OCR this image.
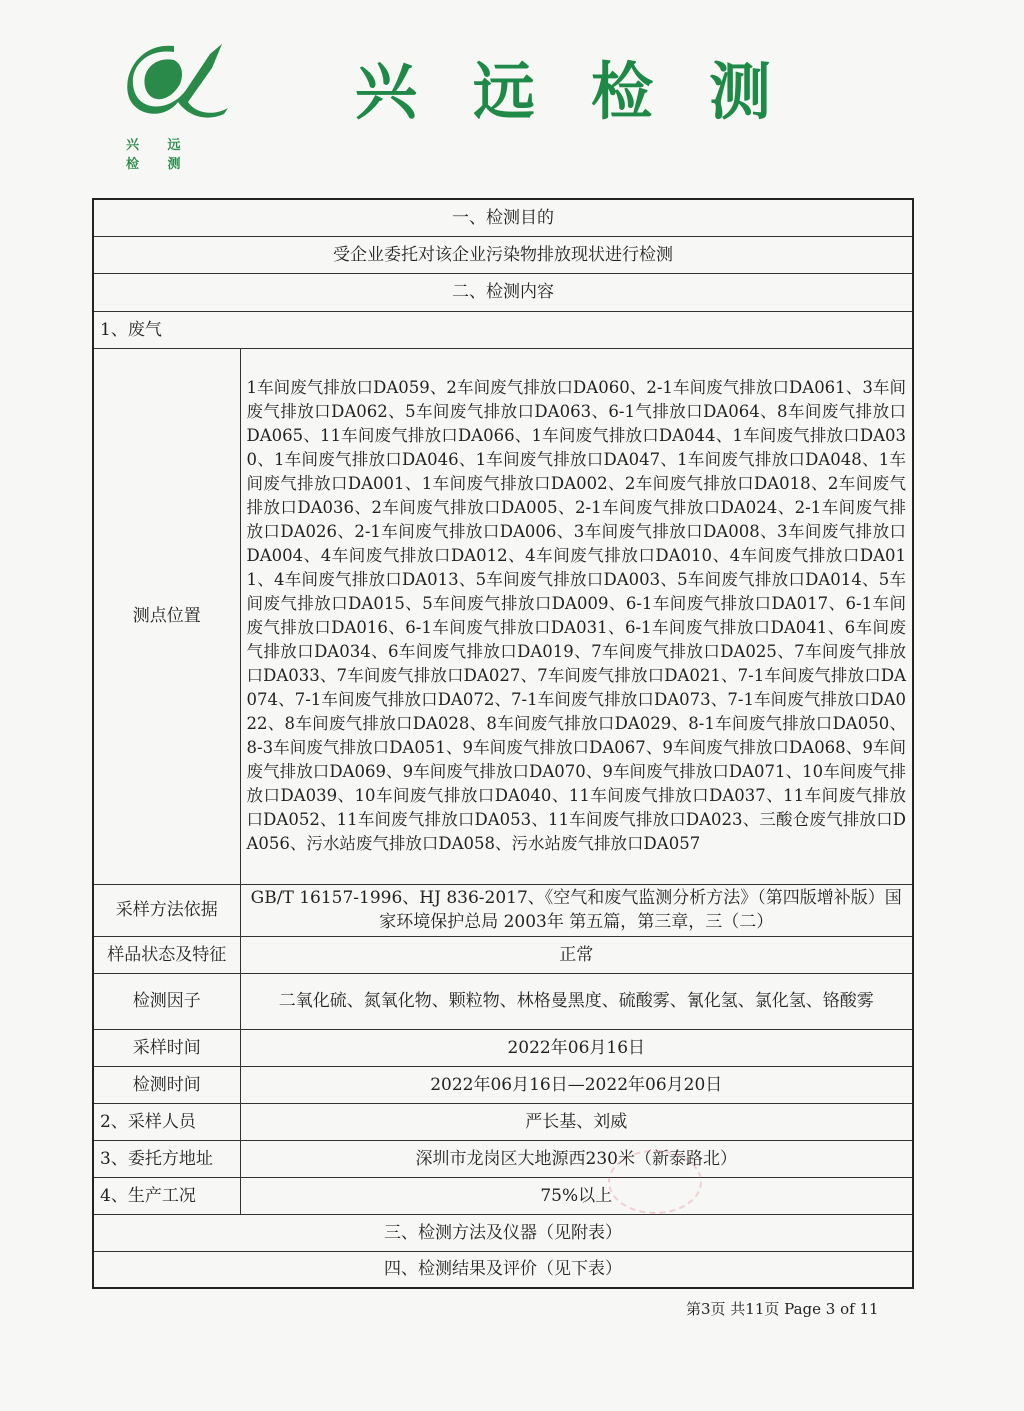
兴 远 检 测
兴远检测
一、检测目的	
受企业委托对该企业污染物排放现状进行检测	
二、检测内容	
1、废气	
测点位置	1车间废气排放口DA059、2车间废气排放口DA060、2-1车间废气排放口DA061、3车间废气排放口DA062、5车间废气排放口DA063、6-1气排放口DA064、8车间废气排放口DA065、11车间废气排放口DA066、1车间废气排放口DA044、1车间废气排放口DA030、1车间废气排放口DA046、1车间废气排放口DA047、1车间废气排放口DA048、1车间废气排放口DA001、1车间废气排放口DA002、2车间废气排放口DA018、2车间废气排放口DA036、2车间废气排放口DA005、2-1车间废气排放口DA024、2-1车间废气排放口DA026、2-1车间废气排放口DA006、3车间废气排放口DA008、3车间废气排放口DA004、4车间废气排放口DA012、4车间废气排放口DA010、4车间废气排放口DA011、4车间废气排放口DA013、5车间废气排放口DA003、5车间废气排放口DA014、5车间废气排放口DA015、5车间废气排放口DA009、6-1车间废气排放口DA017、6-1车间废气排放口DA016、6-1车间废气排放口DA031、6-1车间废气排放口DA041、6车间废气排放口DA034、6车间废气排放口DA019、7车间废气排放口DA025、7车间废气排放口DA033、7车间废气排放口DA027、7车间废气排放口DA021、7-1车间废气排放口DA074、7-1车间废气排放口DA072、7-1车间废气排放口DA073、7-1车间废气排放口DA022、8车间废气排放口DA028、8车间废气排放口DA029、8-1车间废气排放口DA050、8-3车间废气排放口DA051、9车间废气排放口DA067、9车间废气排放口DA068、9车间废气排放口DA069、9车间废气排放口DA070、9车间废气排放口DA071、10车间废气排放口DA039、10车间废气排放口DA040、11车间废气排放口DA037、11车间废气排放口DA052、11车间废气排放口DA053、11车间废气排放口DA023、三酸仓废气排放口DA056、污水站废气排放口DA058、污水站废气排放口DA057
采样方法依据	GB/T 16157-1996、HJ 836-2017、《空气和废气监测分析方法》（第四版增补版）国家环境保护总局 2003年 第五篇，第三章，三（二）
样品状态及特征	正常
检测因子	二氧化硫、氮氧化物、颗粒物、林格曼黑度、硫酸雾、氰化氢、氯化氢、铬酸雾
采样时间	2022年06月16日
检测时间	2022年06月16日—2022年06月20日
2、采样人员	严长基、刘威
3、委托方地址	深圳市龙岗区大地源西230米（新泰路北）
4、生产工况	75%以上
三、检测方法及仪器（见附表）	
四、检测结果及评价（见下表）	
第3页 共11页 Page 3 of 11
